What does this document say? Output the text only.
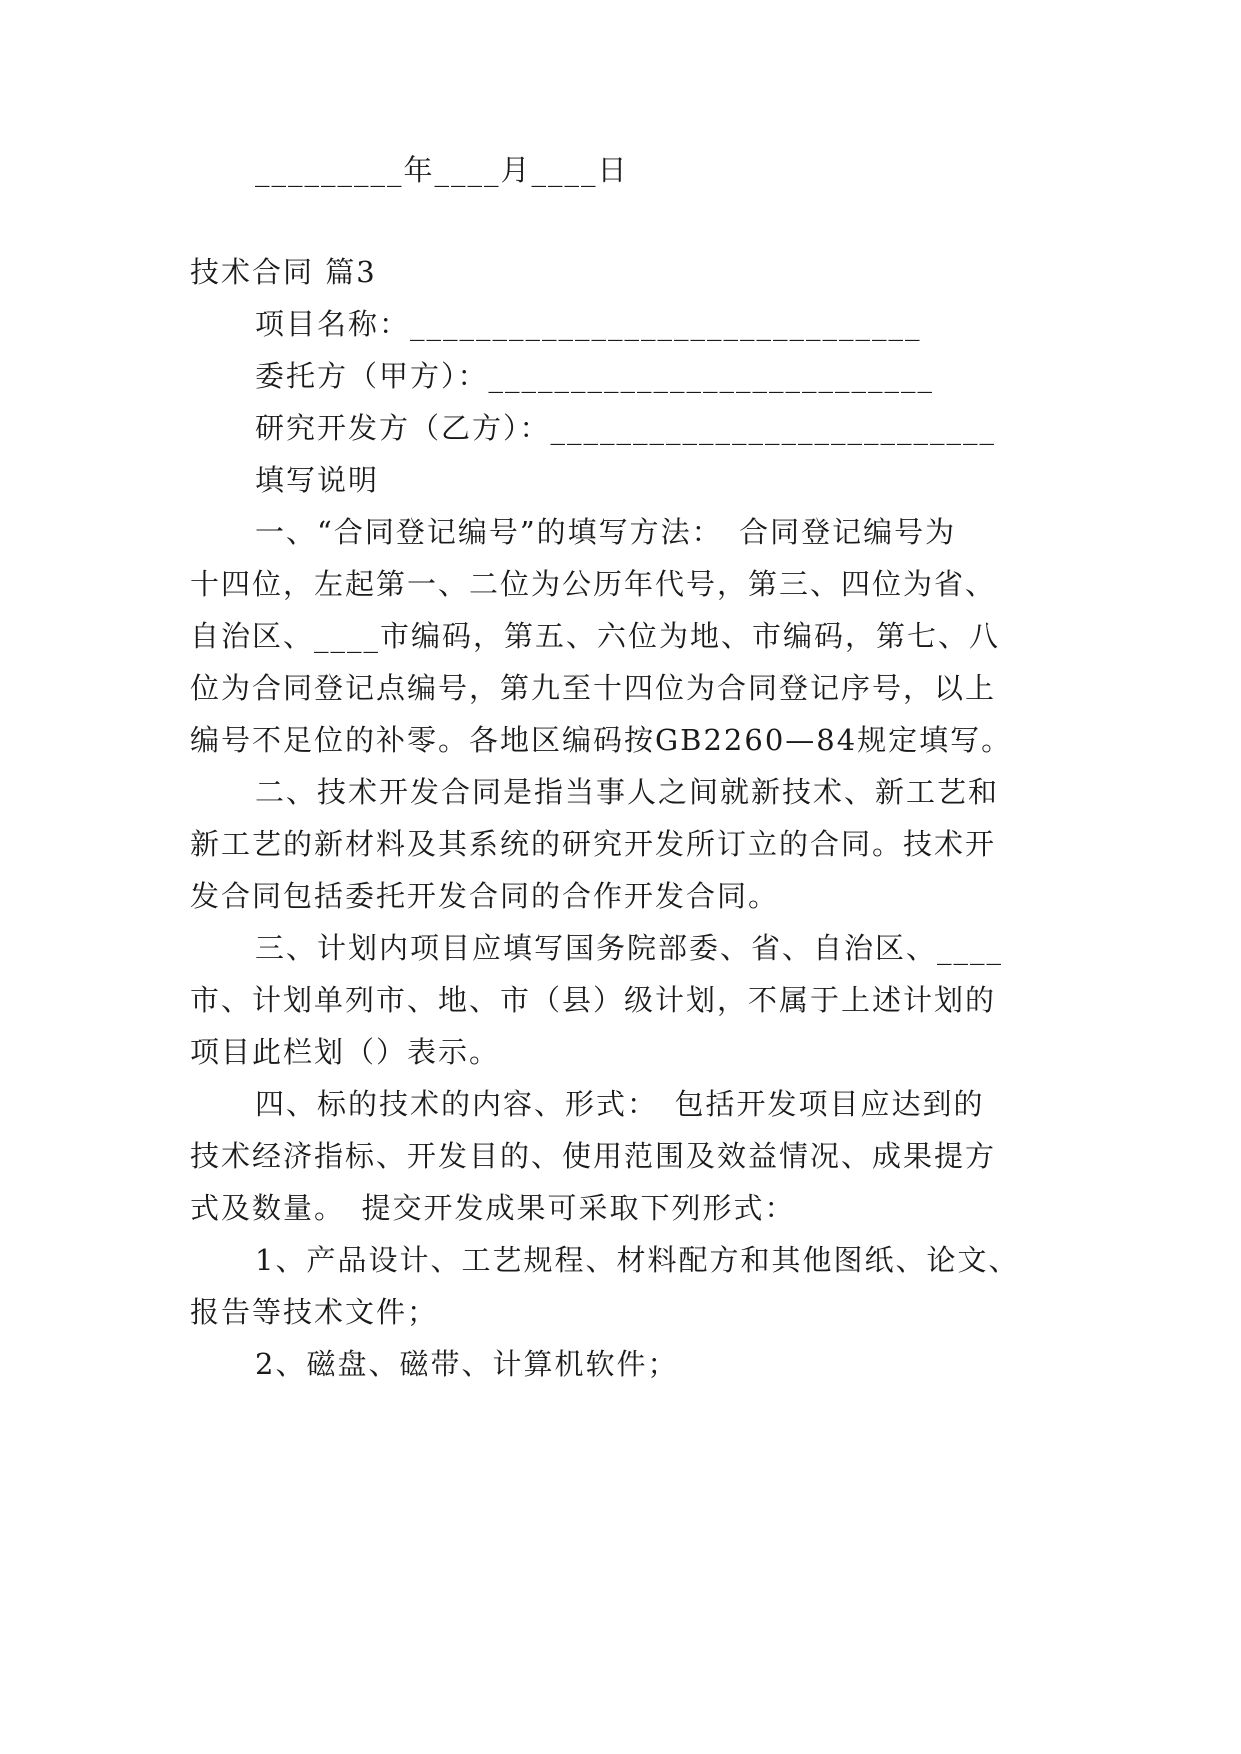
_________年____月____日
技术合同 篇3
项目名称：_______________________________
委托方（甲方）：___________________________
研究开发方（乙方）：___________________________
填写说明
一、“合同登记编号”的填写方法：　合同登记编号为
十四位，左起第一、二位为公历年代号，第三、四位为省、
自治区、____市编码，第五、六位为地、市编码，第七、八
位为合同登记点编号，第九至十四位为合同登记序号，以上
编号不足位的补零。各地区编码按GB2260—84规定填写。
二、技术开发合同是指当事人之间就新技术、新工艺和
新工艺的新材料及其系统的研究开发所订立的合同。技术开
发合同包括委托开发合同的合作开发合同。
三、计划内项目应填写国务院部委、省、自治区、____
市、计划单列市、地、市（县）级计划，不属于上述计划的
项目此栏划（）表示。
四、标的技术的内容、形式：　包括开发项目应达到的
技术经济指标、开发目的、使用范围及效益情况、成果提方
式及数量。　提交开发成果可采取下列形式：
1、产品设计、工艺规程、材料配方和其他图纸、论文、
报告等技术文件；
2、磁盘、磁带、计算机软件；
